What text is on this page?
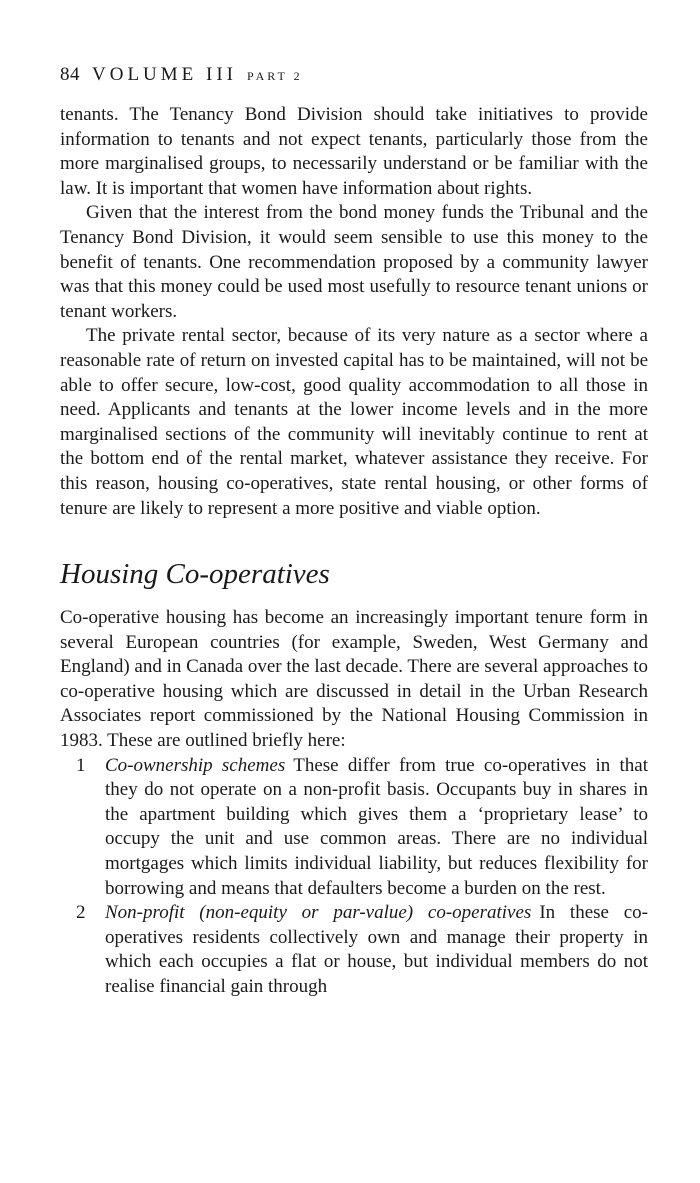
84 VOLUME III PART 2

tenants. The Tenancy Bond Division should take initiatives to provide information to tenants and not expect tenants, particularly those from the more marginalised groups, to necessarily understand or be familiar with the law. It is important that women have information about rights.

Given that the interest from the bond money funds the Tribunal and the Tenancy Bond Division, it would seem sensible to use this money to the benefit of tenants. One recommendation proposed by a community lawyer was that this money could be used most usefully to resource tenant unions or tenant workers.

The private rental sector, because of its very nature as a sector where a reasonable rate of return on invested capital has to be maintained, will not be able to offer secure, low-cost, good quality accommodation to all those in need. Applicants and tenants at the lower income levels and in the more marginalised sections of the community will inevitably continue to rent at the bottom end of the rental market, whatever assistance they receive. For this reason, housing co-operatives, state rental housing, or other forms of tenure are likely to represent a more positive and viable option.

Housing Co-operatives

Co-operative housing has become an increasingly important tenure form in several European countries (for example, Sweden, West Germany and England) and in Canada over the last decade. There are several approaches to co-operative housing which are discussed in detail in the Urban Research Associates report commissioned by the National Housing Commission in 1983. These are outlined briefly here:

1 Co-ownership schemes These differ from true co-operatives in that they do not operate on a non-profit basis. Occupants buy in shares in the apartment building which gives them a ‘proprietary lease’ to occupy the unit and use common areas. There are no individual mortgages which limits individual liability, but reduces flexibility for borrowing and means that defaulters become a burden on the rest.
2 Non-profit (non-equity or par-value) co-operatives In these co-operatives residents collectively own and manage their property in which each occupies a flat or house, but individual members do not realise financial gain through
